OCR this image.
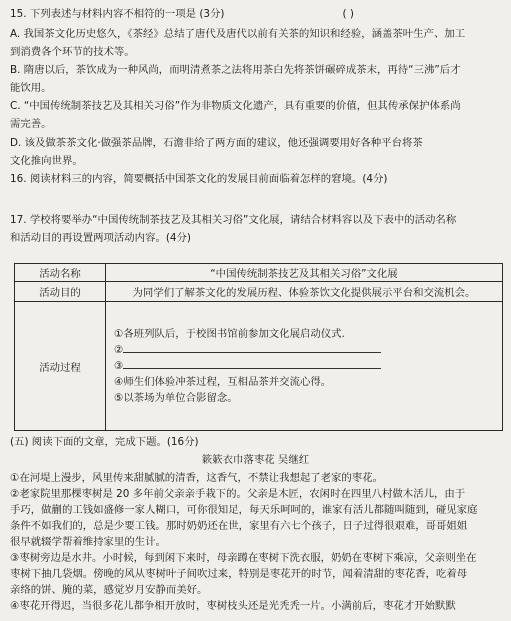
15. 下列表述与材料内容不相符的一项是 (3分)	( )
A. 我国茶文化历史悠久，《茶经》总结了唐代及唐代以前有关茶的知识和经验，涵盖茶叶生产、加工
到消费各个环节的技术等。
B. 隋唐以后，茶饮成为一种风尚，而明清煮茶之法将用茶白先将茶饼碾碎成茶末，再待“三沸”后才
能饮用。
C. “中国传统制茶技艺及其相关习俗”作为非物质文化遗产，具有重要的价值，但其传承保护体系尚
需完善。
D. 该及做茶茶文化·做强茶品牌，石澹非给了两方面的建议，他还强调要用好各种平台将茶
文化推向世界。
16. 阅读材料三的内容，简要概括中国茶文化的发展目前面临着怎样的窘境。(4分)
17. 学校将要举办“中国传统制茶技艺及其相关习俗”文化展，请结合材料容以及下表中的活动名称
和活动目的再设置两项活动内容。(4分)
活动名称	“中国传统制茶技艺及其相关习俗”文化展
活动目的	为同学们了解茶文化的发展历程、体验茶饮文化提供展示平台和交流机会。
活动过程	①各班列队后，于校图书馆前参加文化展启动仪式.
②
③
④师生们体验冲茶过程，互相品茶并交流心得。
⑤以茶场为单位合影留念。
(五) 阅读下面的文章，完成下题。(16分)
簌簌衣巾落枣花 吴继红
①在河堤上漫步，风里传来甜腻腻的清香，这香气，不禁让我想起了老家的枣花。
②老家院里那棵枣树是 20 多年前父亲亲手栽下的。父亲是木匠，农闲时在四里八村做木活儿，由于
手巧，做蒯的工钱如盛修一家人糊口，可你很知足，每天乐呵呵的，谁家有活儿都随叫随到，碰见家庭
条件不如我们的，总是少要工钱。那时奶奶还在世，家里有六七个孩子，日子过得很艰难，哥哥姐姐
很早就辍学帮着维持家里的生计。
③枣树旁边是水井。小时候，每到闲下来时，母亲蹲在枣树下洗衣服，奶奶在枣树下乘凉，父亲则坐在
枣树下抽几袋烟。傍晚的风从枣树叶子间吹过来，特别是枣花开的时节，闻着清甜的枣花香，吃着母
亲络的饼、腌的菜，感觉岁月安静而美好。
④枣花开得迟，当很多花儿都争相开放时，枣树枝头还是光秃秃一片。小满前后，枣花才开始默默
